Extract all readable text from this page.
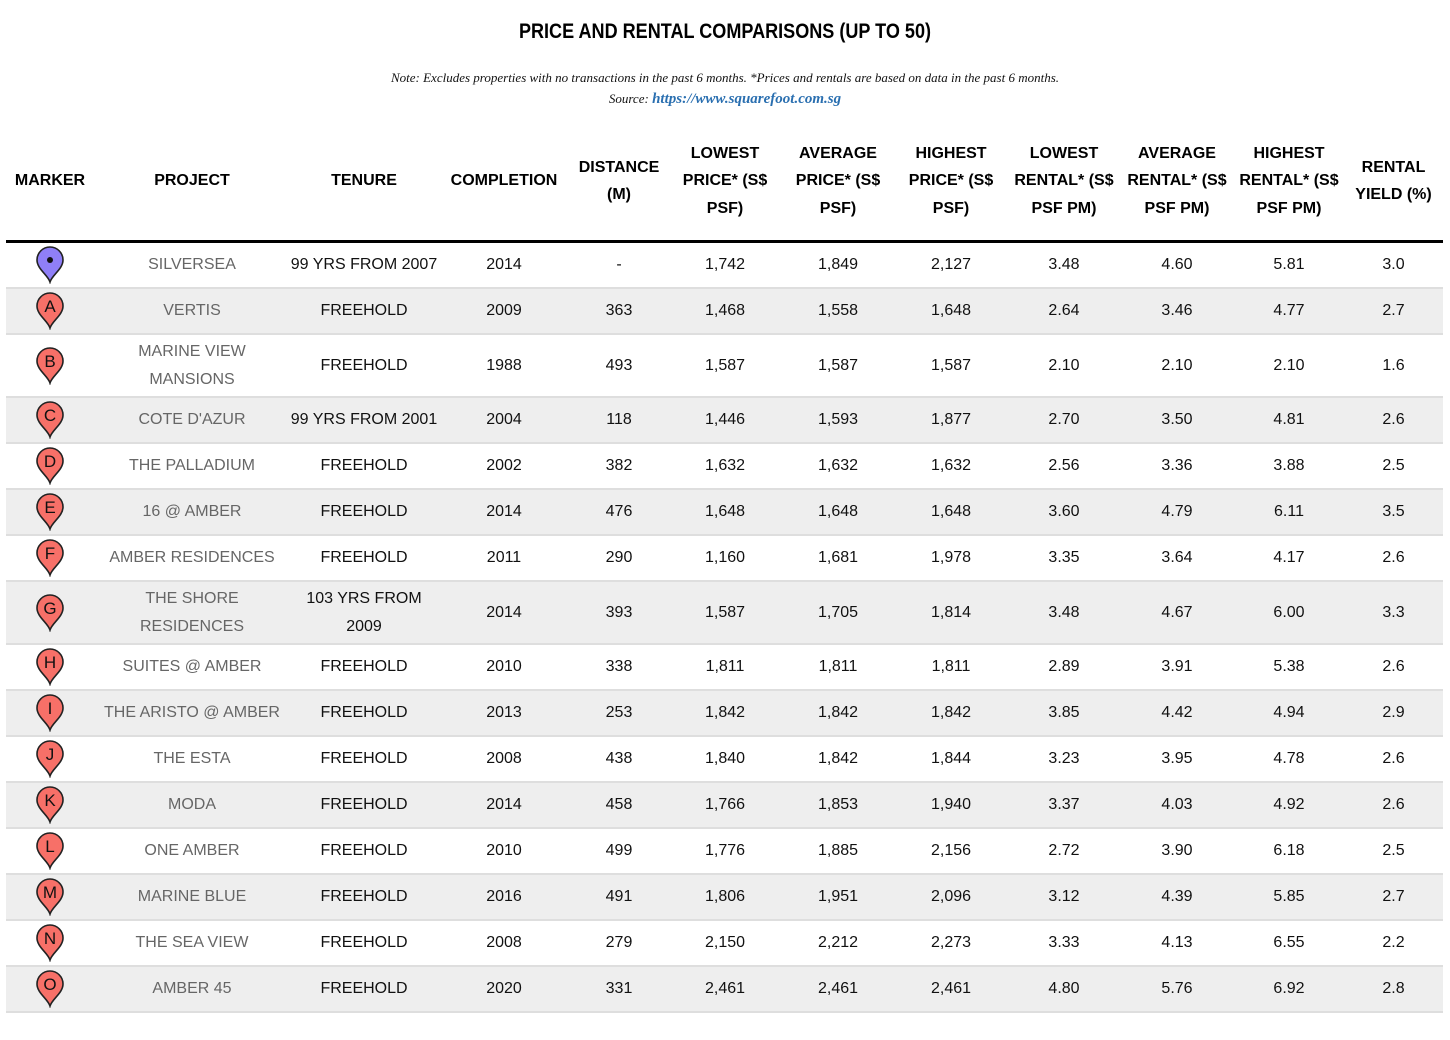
PRICE AND RENTAL COMPARISONS (UP TO 50)
Note: Excludes properties with no transactions in the past 6 months. *Prices and rentals are based on data in the past 6 months.
Source: https://www.squarefoot.com.sg
MARKER	PROJECT	TENURE	COMPLETION	DISTANCE (M)	LOWEST PRICE* (S$ PSF)	AVERAGE PRICE* (S$ PSF)	HIGHEST PRICE* (S$ PSF)	LOWEST RENTAL* (S$ PSF PM)	AVERAGE RENTAL* (S$ PSF PM)	HIGHEST RENTAL* (S$ PSF PM)	RENTAL YIELD (%)

	SILVERSEA	99 YRS FROM 2007	2014	-	1,742	1,849	2,127	3.48	4.60	5.81	3.0

A	VERTIS	FREEHOLD	2009	363	1,468	1,558	1,648	2.64	3.46	4.77	2.7

B	MARINE VIEW MANSIONS	FREEHOLD	1988	493	1,587	1,587	1,587	2.10	2.10	2.10	1.6

C	COTE D'AZUR	99 YRS FROM 2001	2004	118	1,446	1,593	1,877	2.70	3.50	4.81	2.6

D	THE PALLADIUM	FREEHOLD	2002	382	1,632	1,632	1,632	2.56	3.36	3.88	2.5

E	16 @ AMBER	FREEHOLD	2014	476	1,648	1,648	1,648	3.60	4.79	6.11	3.5

F	AMBER RESIDENCES	FREEHOLD	2011	290	1,160	1,681	1,978	3.35	3.64	4.17	2.6

G	THE SHORE RESIDENCES	103 YRS FROM 2009	2014	393	1,587	1,705	1,814	3.48	4.67	6.00	3.3

H	SUITES @ AMBER	FREEHOLD	2010	338	1,811	1,811	1,811	2.89	3.91	5.38	2.6

I	THE ARISTO @ AMBER	FREEHOLD	2013	253	1,842	1,842	1,842	3.85	4.42	4.94	2.9

J	THE ESTA	FREEHOLD	2008	438	1,840	1,842	1,844	3.23	3.95	4.78	2.6

K	MODA	FREEHOLD	2014	458	1,766	1,853	1,940	3.37	4.03	4.92	2.6

L	ONE AMBER	FREEHOLD	2010	499	1,776	1,885	2,156	2.72	3.90	6.18	2.5

M	MARINE BLUE	FREEHOLD	2016	491	1,806	1,951	2,096	3.12	4.39	5.85	2.7

N	THE SEA VIEW	FREEHOLD	2008	279	2,150	2,212	2,273	3.33	4.13	6.55	2.2

O	AMBER 45	FREEHOLD	2020	331	2,461	2,461	2,461	4.80	5.76	6.92	2.8
